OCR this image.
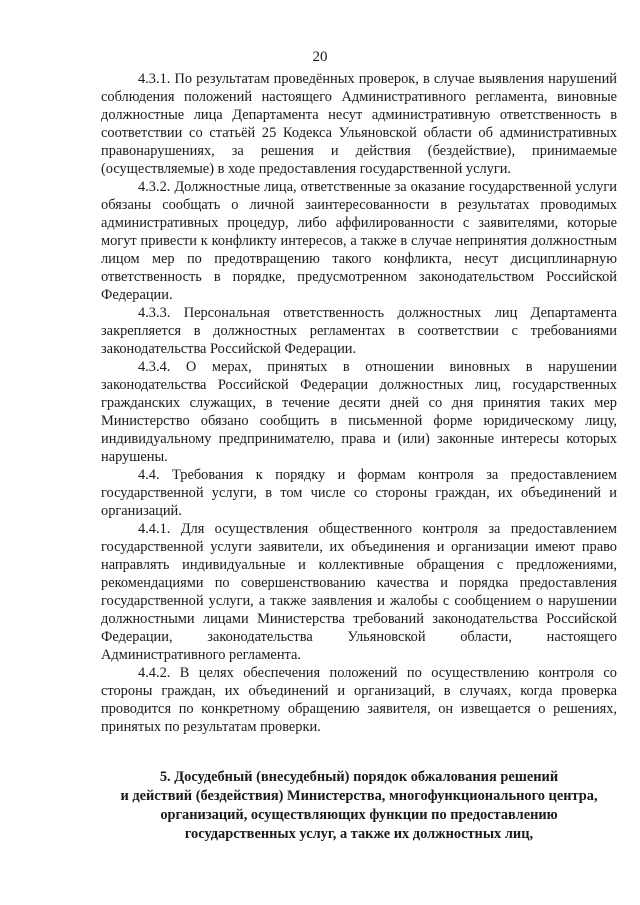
20

4.3.1. По результатам проведённых проверок, в случае выявления нарушений соблюдения положений настоящего Административного регламента, виновные должностные лица Департамента несут административную ответственность в соответствии со статьёй 25 Кодекса Ульяновской области об административных правонарушениях, за решения и действия (бездействие), принимаемые (осуществляемые) в ходе предоставления государственной услуги.

4.3.2. Должностные лица, ответственные за оказание государственной услуги обязаны сообщать о личной заинтересованности в результатах проводимых административных процедур, либо аффилированности с заявителями, которые могут привести к конфликту интересов, а также в случае непринятия должностным лицом мер по предотвращению такого конфликта, несут дисциплинарную ответственность в порядке, предусмотренном законодательством Российской Федерации.

4.3.3. Персональная ответственность должностных лиц Департамента закрепляется в должностных регламентах в соответствии с требованиями законодательства Российской Федерации.

4.3.4. О мерах, принятых в отношении виновных в нарушении законодательства Российской Федерации должностных лиц, государственных гражданских служащих, в течение десяти дней со дня принятия таких мер Министерство обязано сообщить в письменной форме юридическому лицу, индивидуальному предпринимателю, права и (или) законные интересы которых нарушены.

4.4. Требования к порядку и формам контроля за предоставлением государственной услуги, в том числе со стороны граждан, их объединений и организаций.

4.4.1. Для осуществления общественного контроля за предоставлением государственной услуги заявители, их объединения и организации имеют право направлять индивидуальные и коллективные обращения с предложениями, рекомендациями по совершенствованию качества и порядка предоставления государственной услуги, а также заявления и жалобы с сообщением о нарушении должностными лицами Министерства требований законодательства Российской Федерации, законодательства Ульяновской области, настоящего Административного регламента.

4.4.2. В целях обеспечения положений по осуществлению контроля со стороны граждан, их объединений и организаций, в случаях, когда проверка проводится по конкретному обращению заявителя, он извещается о решениях, принятых по результатам проверки.

5. Досудебный (внесудебный) порядок обжалования решений
и действий (бездействия) Министерства, многофункционального центра,
организаций, осуществляющих функции по предоставлению
государственных услуг, а также их должностных лиц,
